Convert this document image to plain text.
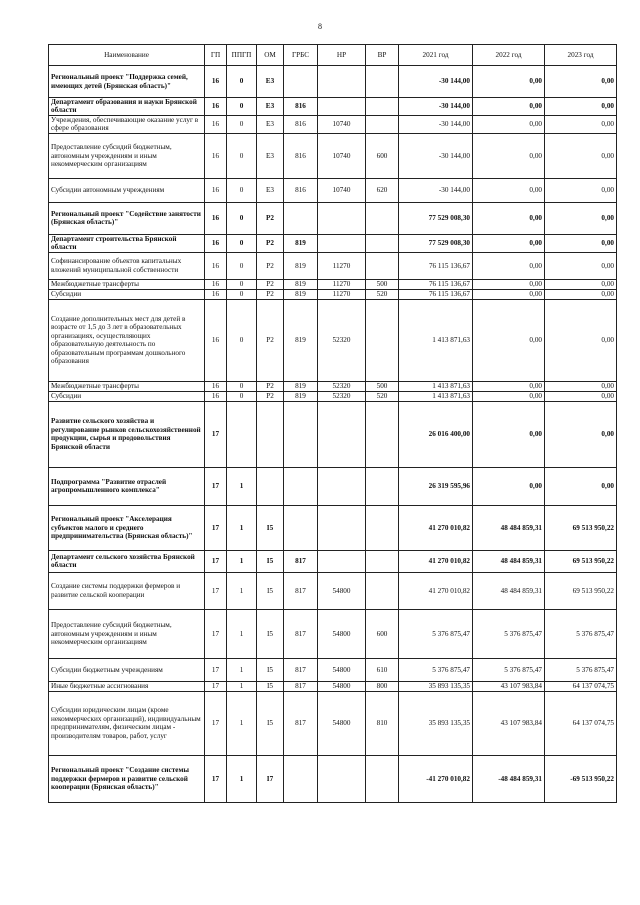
8
Наименование	ГП	ППГП	ОМ	ГРБС	НР	ВР	2021 год	2022 год	2023 год
Региональный проект "Поддержка семей, имеющих детей (Брянская область)"	16	0	E3				-30 144,00	0,00	0,00
Департамент образования и науки Брянской области	16	0	E3	816			-30 144,00	0,00	0,00
Учреждения, обеспечивающие оказание услуг в сфере образования	16	0	E3	816	10740		-30 144,00	0,00	0,00
Предоставление субсидий бюджетным, автономным учреждениям и иным некоммерческим организациям	16	0	E3	816	10740	600	-30 144,00	0,00	0,00
Субсидии автономным учреждениям	16	0	E3	816	10740	620	-30 144,00	0,00	0,00
Региональный проект "Содействие занятости (Брянская область)"	16	0	P2				77 529 008,30	0,00	0,00
Департамент строительства Брянской области	16	0	P2	819			77 529 008,30	0,00	0,00
Софинансирование объектов капитальных вложений муниципальной собственности	16	0	P2	819	11270		76 115 136,67	0,00	0,00
Межбюджетные трансферты	16	0	P2	819	11270	500	76 115 136,67	0,00	0,00
Субсидии	16	0	P2	819	11270	520	76 115 136,67	0,00	0,00
Создание дополнительных мест для детей в возрасте от 1,5 до 3 лет в образовательных организациях, осуществляющих образовательную деятельность по образовательным программам дошкольного образования	16	0	P2	819	52320		1 413 871,63	0,00	0,00
Межбюджетные трансферты	16	0	P2	819	52320	500	1 413 871,63	0,00	0,00
Субсидии	16	0	P2	819	52320	520	1 413 871,63	0,00	0,00
Развитие сельского хозяйства и регулирование рынков сельскохозяйственной продукции, сырья и продовольствия Брянской области	17						26 016 400,00	0,00	0,00
Подпрограмма "Развитие отраслей агропромышленного комплекса"	17	1					26 319 595,96	0,00	0,00
Региональный проект "Акселерация субъектов малого и среднего предпринимательства (Брянская область)"	17	1	I5				41 270 010,82	48 484 859,31	69 513 950,22
Департамент сельского хозяйства Брянской области	17	1	I5	817			41 270 010,82	48 484 859,31	69 513 950,22
Создание системы поддержки фермеров и развитие сельской кооперации	17	1	I5	817	54800		41 270 010,82	48 484 859,31	69 513 950,22
Предоставление субсидий бюджетным, автономным учреждениям и иным некоммерческим организациям	17	1	I5	817	54800	600	5 376 875,47	5 376 875,47	5 376 875,47
Субсидии бюджетным учреждениям	17	1	I5	817	54800	610	5 376 875,47	5 376 875,47	5 376 875,47
Иные бюджетные ассигнования	17	1	I5	817	54800	800	35 893 135,35	43 107 983,84	64 137 074,75
Субсидии юридическим лицам (кроме некоммерческих организаций), индивидуальным предпринимателям, физическим лицам - производителям товаров, работ, услуг	17	1	I5	817	54800	810	35 893 135,35	43 107 983,84	64 137 074,75
Региональный проект "Создание системы поддержки фермеров и развитие сельской кооперации (Брянская область)"	17	1	I7				-41 270 010,82	-48 484 859,31	-69 513 950,22
